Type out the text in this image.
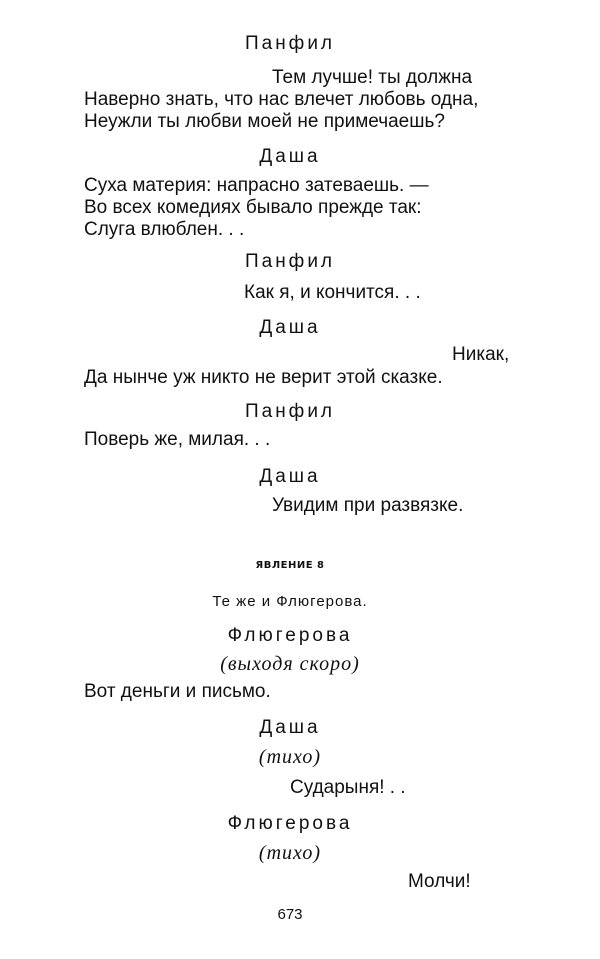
Панфил
Тем лучше! ты должна
Наверно знать, что нас влечет любовь одна,
Неужли ты любви моей не примечаешь?
Даша
Суха материя: напрасно затеваешь. —
Во всех комедиях бывало прежде так:
Слуга влюблен. . .
Панфил
Как я, и кончится. . .
Даша
Никак,
Да нынче уж никто не верит этой сказке.
Панфил
Поверь же, милая. . .
Даша
Увидим при развязке.
ЯВЛЕНИЕ 8
Те же и Флюгерова.
Флюгерова
(выходя скоро)
Вот деньги и письмо.
Даша
(тихо)
Сударыня! . .
Флюгерова
(тихо)
Молчи!
673
